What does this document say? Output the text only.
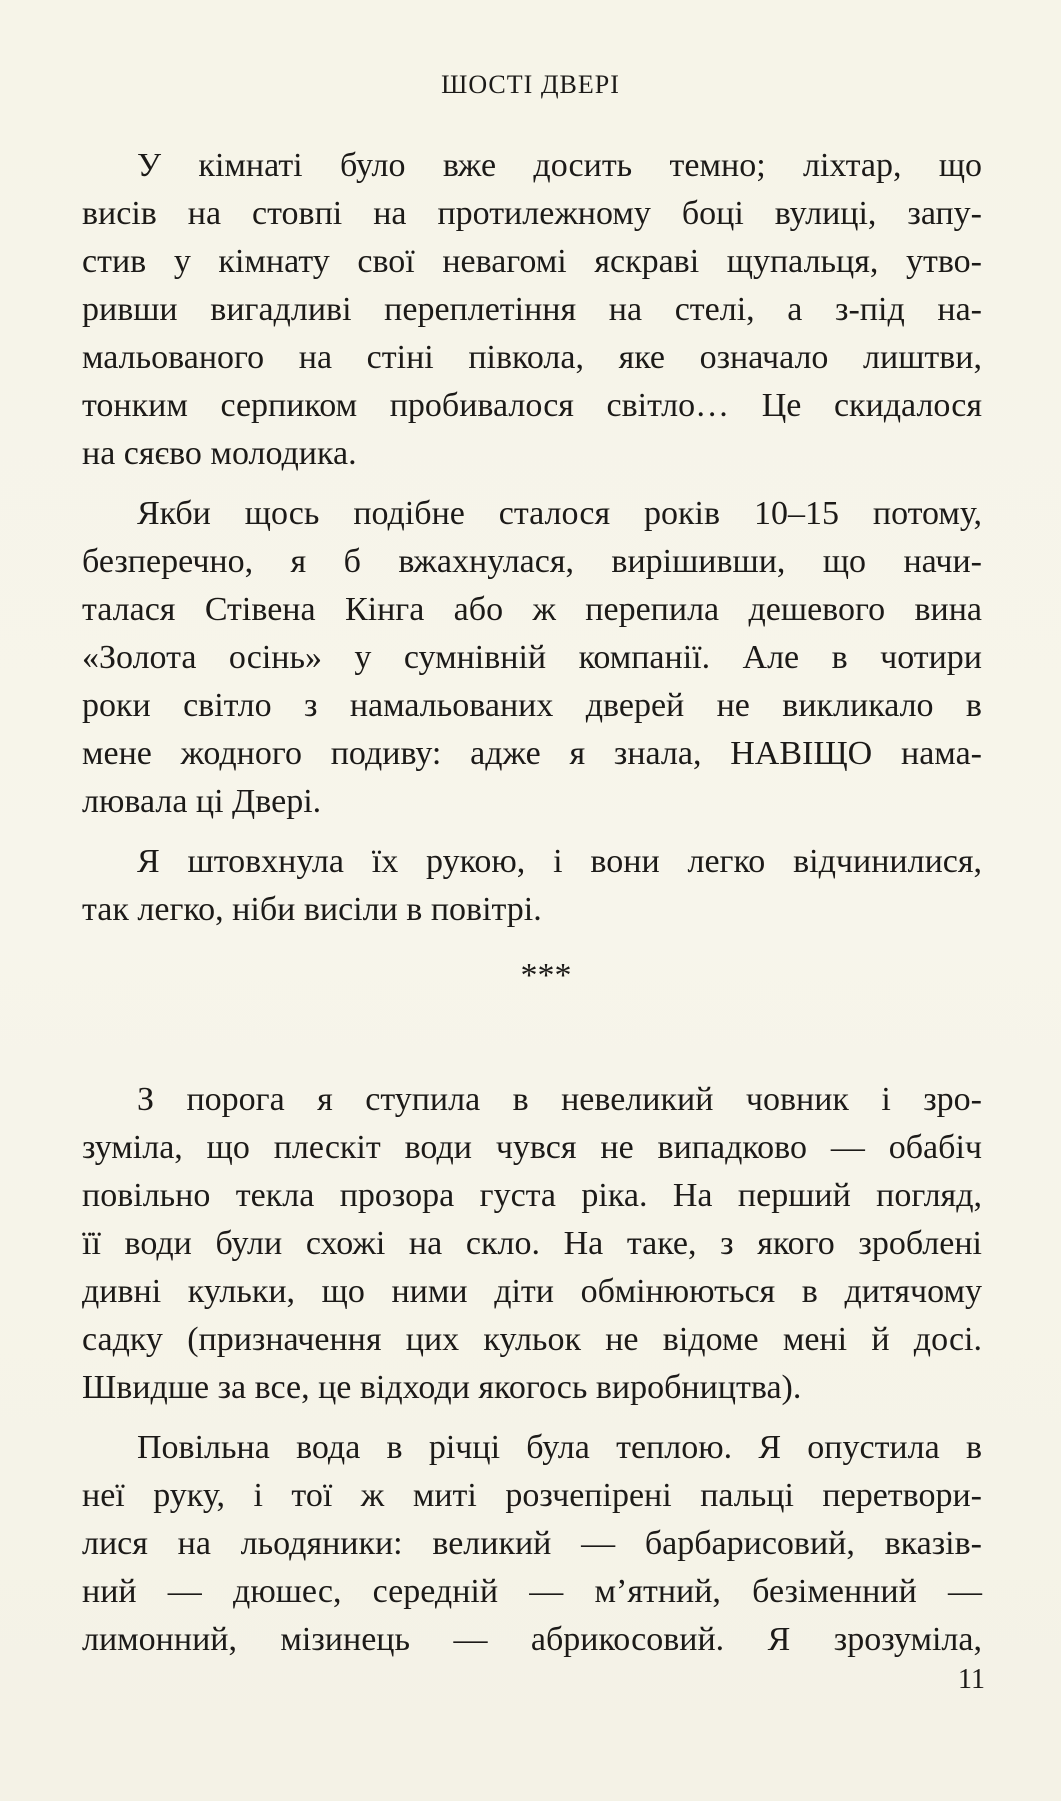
ШОСТІ ДВЕРІ
У кімнаті було вже досить темно; ліхтар, що
висів на стовпі на протилежному боці вулиці, запу-
стив у кімнату свої невагомі яскраві щупальця, утво-
ривши вигадливі переплетіння на стелі, а з-під на-
мальованого на стіні півкола, яке означало лиштви,
тонким серпиком пробивалося світло… Це скидалося
на сяєво молодика.
Якби щось подібне сталося років 10–15 потому,
безперечно, я б вжахнулася, вирішивши, що начи-
талася Стівена Кінга або ж перепила дешевого вина
«Золота осінь» у сумнівній компанії. Але в чотири
роки світло з намальованих дверей не викликало в
мене жодного подиву: адже я знала, НАВІЩО нама-
лювала ці Двері.
Я штовхнула їх рукою, і вони легко відчинилися,
так легко, ніби висіли в повітрі.
***
З порога я ступила в невеликий човник і зро-
зуміла, що плескіт води чувся не випадково — обабіч
повільно текла прозора густа ріка. На перший погляд,
її води були схожі на скло. На таке, з якого зроблені
дивні кульки, що ними діти обмінюються в дитячому
садку (призначення цих кульок не відоме мені й досі.
Швидше за все, це відходи якогось виробництва).
Повільна вода в річці була теплою. Я опустила в
неї руку, і тої ж миті розчепірені пальці перетвори-
лися на льодяники: великий — барбарисовий, вказів-
ний — дюшес, середній — м’ятний, безіменний —
лимонний, мізинець — абрикосовий. Я зрозуміла,
11
